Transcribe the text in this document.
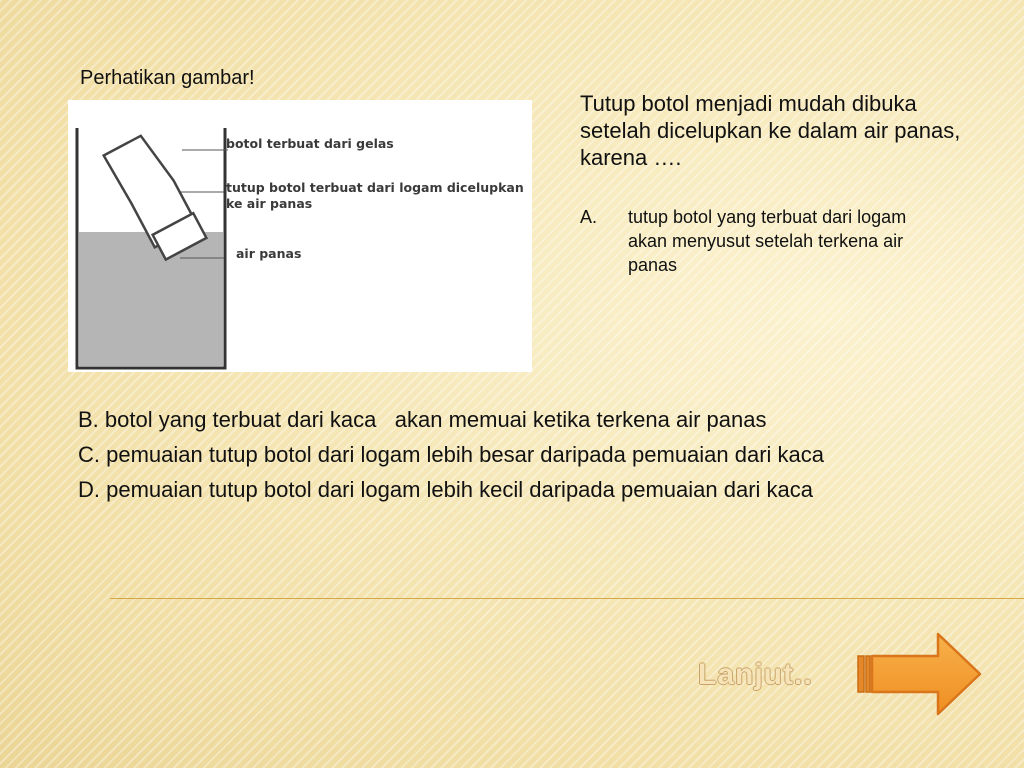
Perhatikan gambar!
botol terbuat dari gelas
tutup botol terbuat dari logam dicelupkan
ke air panas
air panas
Tutup botol menjadi mudah dibuka setelah dicelupkan ke dalam air panas, karena ….
A. tutup botol yang terbuat dari logam akan menyusut setelah terkena air panas
B. botol yang terbuat dari kaca   akan memuai ketika terkena air panas
C. pemuaian tutup botol dari logam lebih besar daripada pemuaian dari kaca
D. pemuaian tutup botol dari logam lebih kecil daripada pemuaian dari kaca
Lanjut..
